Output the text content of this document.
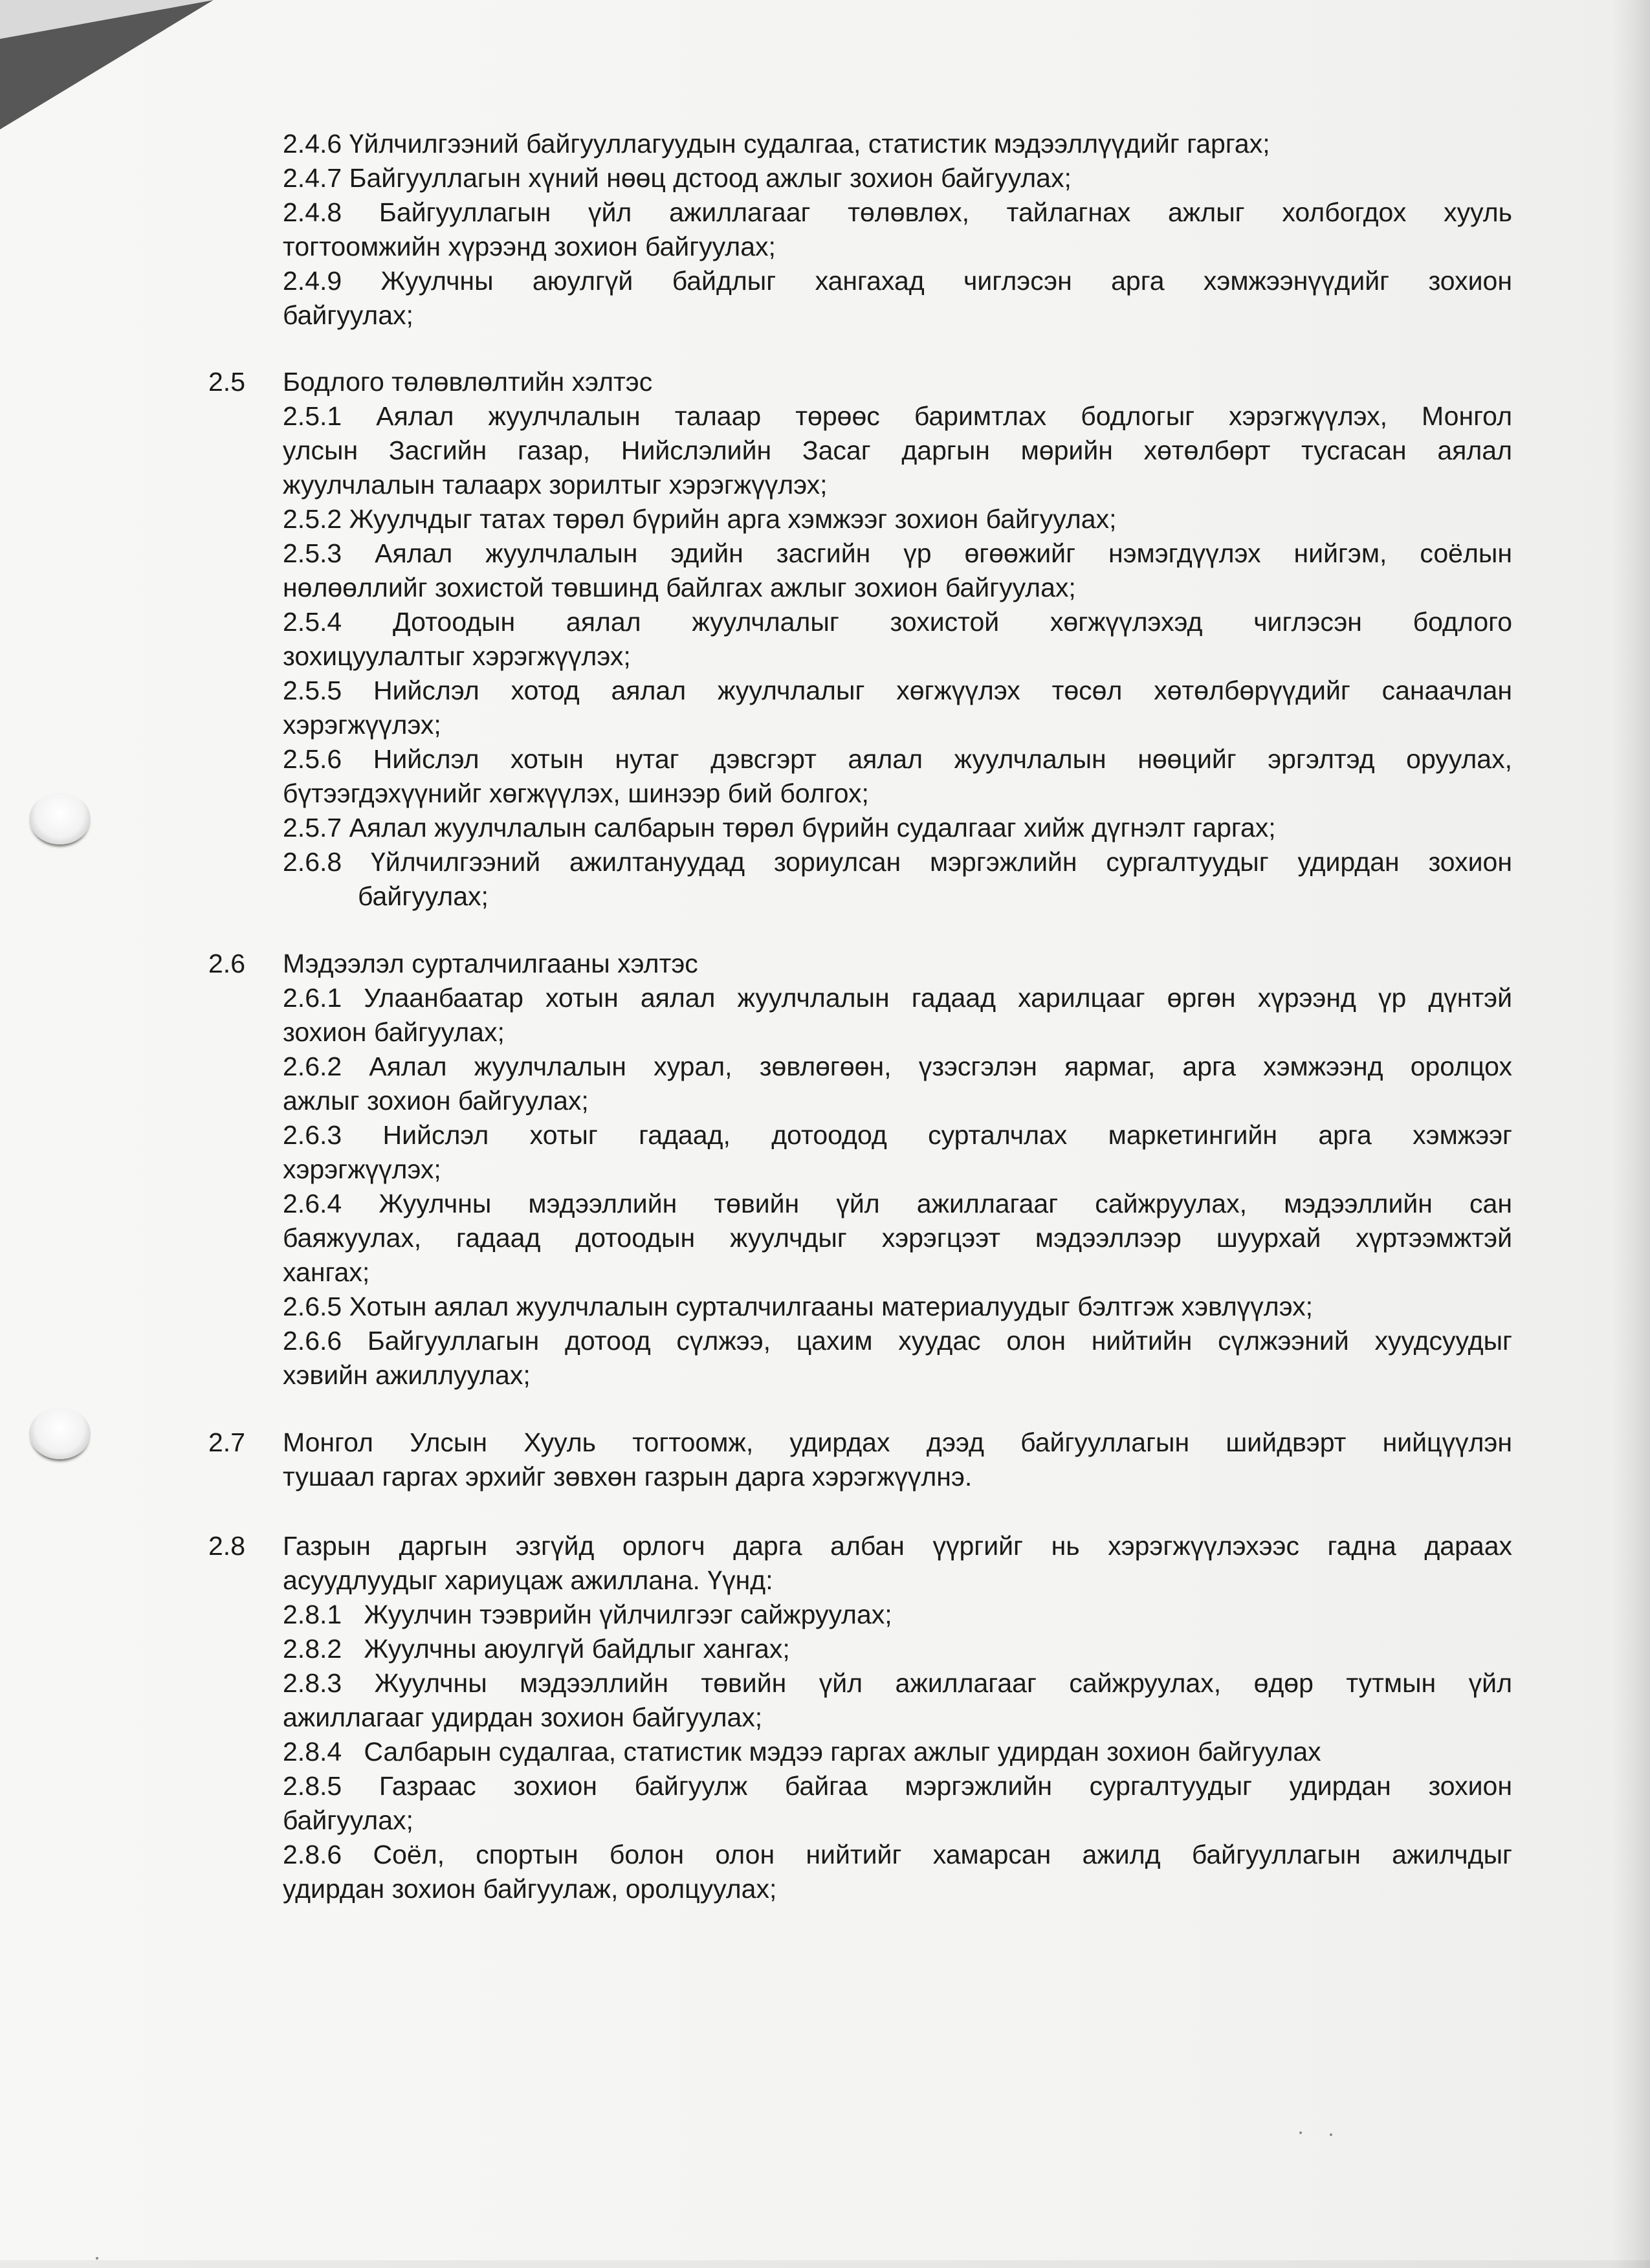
2.4.6 Үйлчилгээний байгууллагуудын судалгаа, статистик мэдээллүүдийг гаргах;
2.4.7 Байгууллагын хүний нөөц дстоод ажлыг зохион байгуулах;
2.4.8 Байгууллагын үйл ажиллагааг төлөвлөх, тайлагнах ажлыг холбогдох хууль
тогтоомжийн хүрээнд зохион байгуулах;
2.4.9 Жуулчны аюулгүй байдлыг хангахад чиглэсэн арга хэмжээнүүдийг зохион
байгуулах;
2.5 Бодлого төлөвлөлтийн хэлтэс
2.5.1 Аялал жуулчлалын талаар төрөөс баримтлах бодлогыг хэрэгжүүлэх, Монгол
улсын Засгийн газар, Нийслэлийн Засаг даргын мөрийн хөтөлбөрт тусгасан аялал
жуулчлалын талаарх зорилтыг хэрэгжүүлэх;
2.5.2 Жуулчдыг татах төрөл бүрийн арга хэмжээг зохион байгуулах;
2.5.3 Аялал жуулчлалын эдийн засгийн үр өгөөжийг нэмэгдүүлэх нийгэм, соёлын
нөлөөллийг зохистой төвшинд байлгах ажлыг зохион байгуулах;
2.5.4 Дотоодын аялал жуулчлалыг зохистой хөгжүүлэхэд чиглэсэн бодлого
зохицуулалтыг хэрэгжүүлэх;
2.5.5 Нийслэл хотод аялал жуулчлалыг хөгжүүлэх төсөл хөтөлбөрүүдийг санаачлан
хэрэгжүүлэх;
2.5.6 Нийслэл хотын нутаг дэвсгэрт аялал жуулчлалын нөөцийг эргэлтэд оруулах,
бүтээгдэхүүнийг хөгжүүлэх, шинээр бий болгох;
2.5.7 Аялал жуулчлалын салбарын төрөл бүрийн судалгааг хийж дүгнэлт гаргах;
2.6.8 Үйлчилгээний ажилтануудад зориулсан мэргэжлийн сургалтуудыг удирдан зохион
байгуулах;
2.6 Мэдээлэл сурталчилгааны хэлтэс
2.6.1 Улаанбаатар хотын аялал жуулчлалын гадаад харилцааг өргөн хүрээнд үр дүнтэй
зохион байгуулах;
2.6.2 Аялал жуулчлалын хурал, зөвлөгөөн, үзэсгэлэн яармаг, арга хэмжээнд оролцох
ажлыг зохион байгуулах;
2.6.3 Нийслэл хотыг гадаад, дотоодод сурталчлах маркетингийн арга хэмжээг
хэрэгжүүлэх;
2.6.4 Жуулчны мэдээллийн төвийн үйл ажиллагааг сайжруулах, мэдээллийн сан
баяжуулах, гадаад дотоодын жуулчдыг хэрэгцээт мэдээллээр шуурхай хүртээмжтэй
хангах;
2.6.5 Хотын аялал жуулчлалын сурталчилгааны материалуудыг бэлтгэж хэвлүүлэх;
2.6.6 Байгууллагын дотоод сүлжээ, цахим хуудас олон нийтийн сүлжээний хуудсуудыг
хэвийн ажиллуулах;
2.7 Монгол Улсын Хууль тогтоомж, удирдах дээд байгууллагын шийдвэрт нийцүүлэн
тушаал гаргах эрхийг зөвхөн газрын дарга хэрэгжүүлнэ.
2.8 Газрын даргын эзгүйд орлогч дарга албан үүргийг нь хэрэгжүүлэхээс гадна дараах
асуудлуудыг хариуцаж ажиллана. Үүнд:
2.8.1   Жуулчин тээврийн үйлчилгээг сайжруулах;
2.8.2   Жуулчны аюулгүй байдлыг хангах;
2.8.3 Жуулчны мэдээллийн төвийн үйл ажиллагааг сайжруулах, өдөр тутмын үйл
ажиллагааг удирдан зохион байгуулах;
2.8.4   Салбарын судалгаа, статистик мэдээ гаргах ажлыг удирдан зохион байгуулах
2.8.5 Газраас зохион байгуулж байгаа мэргэжлийн сургалтуудыг удирдан зохион
байгуулах;
2.8.6 Соёл, спортын болон олон нийтийг хамарсан ажилд байгууллагын ажилчдыг
удирдан зохион байгуулаж, оролцуулах;
